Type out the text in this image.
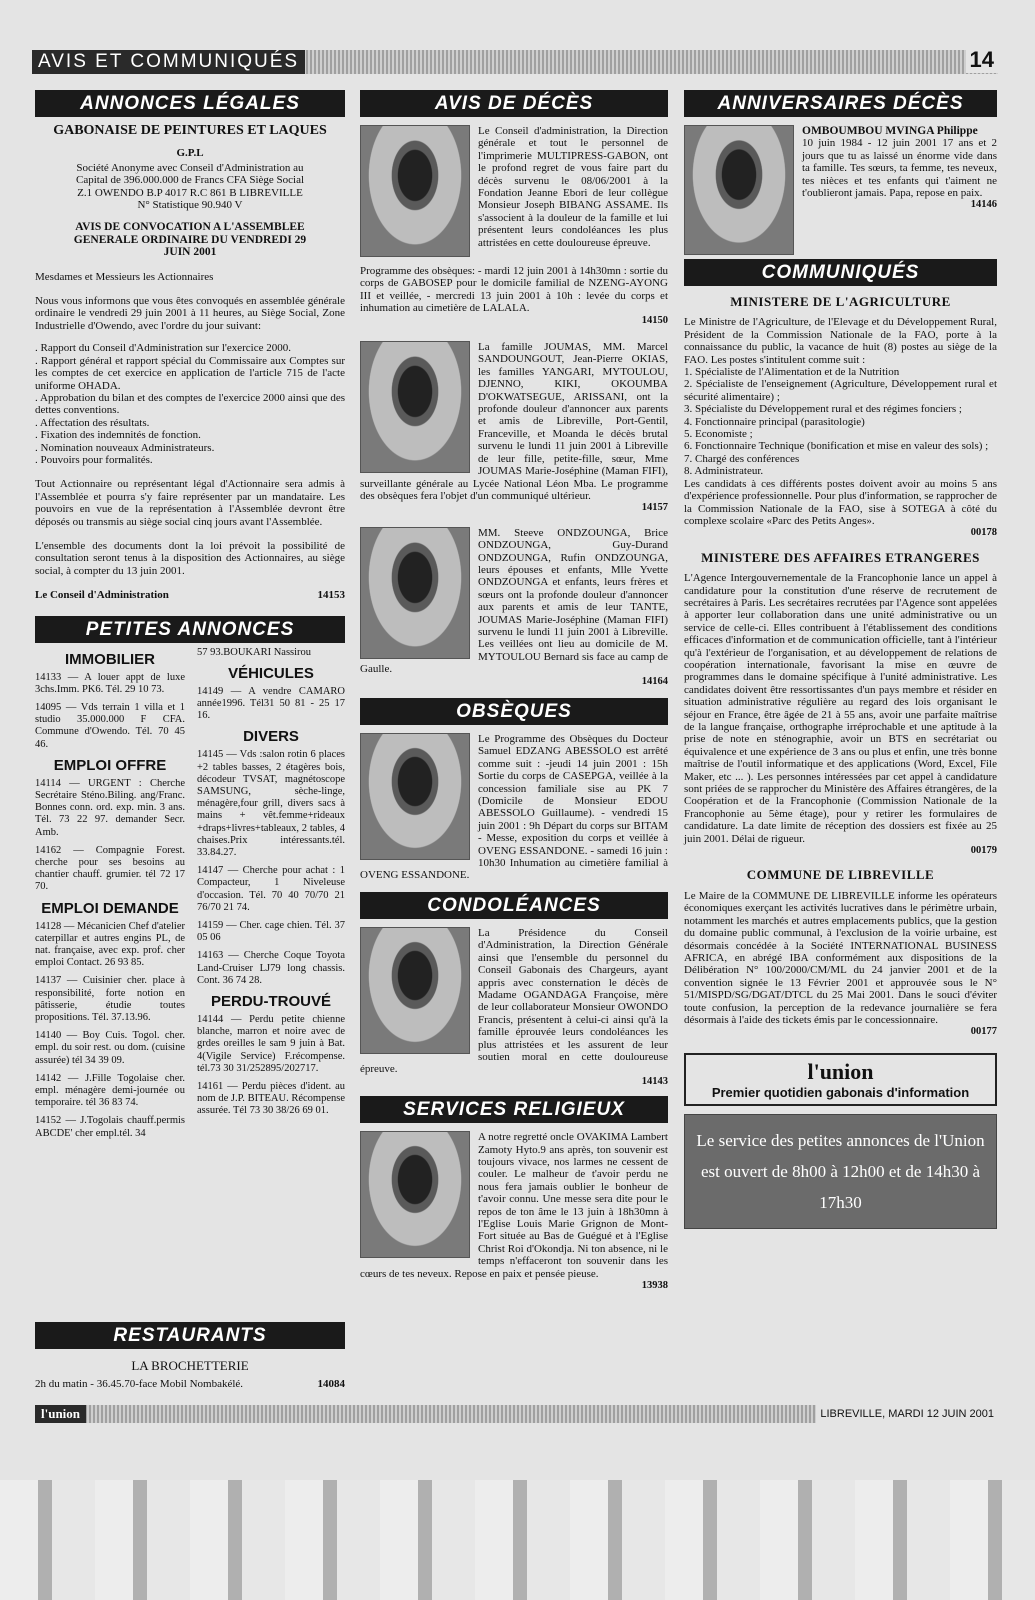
AVIS ET COMMUNIQUÉS	14
ANNONCES LÉGALES

GABONAISE DE PEINTURES ET LAQUES

G.P.L

Société Anonyme avec Conseil d'Administration au Capital de 396.000.000 de Francs CFA Siège Social Z.1 OWENDO B.P 4017 R.C 861 B LIBREVILLE N° Statistique 90.940 V

AVIS DE CONVOCATION A L'ASSEMBLEE GENERALE ORDINAIRE DU VENDREDI 29 JUIN 2001

Mesdames et Messieurs les Actionnaires

Nous vous informons que vous êtes convoqués en assemblée générale ordinaire le vendredi 29 juin 2001 à 11 heures, au Siège Social, Zone Industrielle d'Owendo, avec l'ordre du jour suivant:

. Rapport du Conseil d'Administration sur l'exercice 2000.

. Rapport général et rapport spécial du Commissaire aux Comptes sur les comptes de cet exercice en application de l'article 715 de l'acte uniforme OHADA.

. Approbation du bilan et des comptes de l'exercice 2000 ainsi que des dettes conventions.

. Affectation des résultats.

. Fixation des indemnités de fonction.

. Nomination nouveaux Administrateurs.

. Pouvoirs pour formalités.

Tout Actionnaire ou représentant légal d'Actionnaire sera admis à l'Assemblée et pourra s'y faire représenter par un mandataire. Les pouvoirs en vue de la représentation à l'Assemblée devront être déposés ou transmis au siège social cinq jours avant l'Assemblée.

L'ensemble des documents dont la loi prévoit la possibilité de consultation seront tenus à la disposition des Actionnaires, au siège social, à compter du 13 juin 2001.

Le Conseil d'Administration	14153

PETITES ANNONCES
IMMOBILIER

14133 — A louer appt de luxe 3chs.Imm. PK6. Tél. 29 10 73.

14095 — Vds terrain 1 villa et 1 studio 35.000.000 F CFA. Commune d'Owendo. Tél. 70 45 46.

EMPLOI OFFRE

14114 — URGENT : Cherche Secrétaire Sténo.Biling. ang/Franc. Bonnes conn. ord. exp. min. 3 ans. Tél. 73 22 97. demander Secr. Amb.

14162 — Compagnie Forest. cherche pour ses besoins au chantier chauff. grumier. tél 72 17 70.

EMPLOI DEMANDE

14128 — Mécanicien Chef d'atelier caterpillar et autres engins PL, de nat. française, avec exp. prof. cher emploi Contact. 26 93 85.

14137 — Cuisinier cher. place à responsibilité, forte notion en pâtisserie, étudie toutes propositions. Tél. 37.13.96.

14140 — Boy Cuis. Togol. cher. empl. du soir rest. ou dom. (cuisine assurée) tél 34 39 09.

14142 — J.Fille Togolaise cher. empl. ménagère demi-journée ou temporaire. tél 36 83 74.

14152 — J.Togolais chauff.permis ABCDE' cher empl.tél. 34

57 93.BOUKARI Nassirou

VÉHICULES

14149 — A vendre CAMARO année1996. Tél31 50 81 - 25 17 16.

DIVERS

14145 — Vds :salon rotin 6 places +2 tables basses, 2 étagères bois, décodeur TVSAT, magnétoscope SAMSUNG, sèche-linge, ménagère,four grill, divers sacs à mains + vêt.femme+rideaux +draps+livres+tableaux, 2 tables, 4 chaises.Prix intéressants.tél. 33.84.27.

14147 — Cherche pour achat : 1 Compacteur, 1 Niveleuse d'occasion. Tél. 70 40 70/70 21 76/70 21 74.

14159 — Cher. cage chien. Tél. 37 05 06

14163 — Cherche Coque Toyota Land-Cruiser LJ79 long chassis. Cont. 36 74 28.

PERDU-TROUVÉ

14144 — Perdu petite chienne blanche, marron et noire avec de grdes oreilles le sam 9 juin à Bat. 4(Vigile Service) F.récompense. tél.73 30 31/252895/202717.

14161 — Perdu pièces d'ident. au nom de J.P. BITEAU. Récompense assurée. Tél 73 30 38/26 69 01.

RESTAURANTS

LA BROCHETTERIE

2h du matin - 36.45.70-face Mobil Nombakélé.	14084

AVIS DE DÉCÈS

Le Conseil d'administration, la Direction générale et tout le personnel de l'imprimerie MULTIPRESS-GABON, ont le profond regret de vous faire part du décès survenu le 08/06/2001 à la Fondation Jeanne Ebori de leur collègue Monsieur Joseph BIBANG ASSAME. Ils s'associent à la douleur de la famille et lui présentent leurs condoléances les plus attristées en cette douloureuse épreuve.

Programme des obsèques: - mardi 12 juin 2001 à 14h30mn : sortie du corps de GABOSEP pour le domicile familial de NZENG-AYONG III et veillée, - mercredi 13 juin 2001 à 10h : levée du corps et inhumation au cimetière de LALALA.

14150

La famille JOUMAS, MM. Marcel SANDOUNGOUT, Jean-Pierre OKIAS, les familles YANGARI, MYTOULOU, DJENNO, KIKI, OKOUMBA D'OKWATSEGUE, ARISSANI, ont la profonde douleur d'annoncer aux parents et amis de Libreville, Port-Gentil, Franceville, et Moanda le décès brutal survenu le lundi 11 juin 2001 à Libreville de leur fille, petite-fille, sœur, Mme JOUMAS Marie-Joséphine (Maman FIFI), surveillante générale au Lycée National Léon Mba. Le programme des obsèques fera l'objet d'un communiqué ultérieur.

14157

MM. Steeve ONDZOUNGA, Brice ONDZOUNGA, Guy-Durand ONDZOUNGA, Rufin ONDZOUNGA, leurs épouses et enfants, Mlle Yvette ONDZOUNGA et enfants, leurs frères et sœurs ont la profonde douleur d'annoncer aux parents et amis de leur TANTE, JOUMAS Marie-Joséphine (Maman FIFI) survenu le lundi 11 juin 2001 à Libreville. Les veillées ont lieu au domicile de M. MYTOULOU Bernard sis face au camp de Gaulle.

14164

OBSÈQUES

Le Programme des Obsèques du Docteur Samuel EDZANG ABESSOLO est arrêté comme suit : -jeudi 14 juin 2001 : 15h Sortie du corps de CASEPGA, veillée à la concession familiale sise au PK 7 (Domicile de Monsieur EDOU ABESSOLO Guillaume). - vendredi 15 juin 2001 : 9h Départ du corps sur BITAM - Messe, exposition du corps et veillée à OVENG ESSANDONE. - samedi 16 juin : 10h30 Inhumation au cimetière familial à OVENG ESSANDONE.

CONDOLÉANCES

La Présidence du Conseil d'Administration, la Direction Générale ainsi que l'ensemble du personnel du Conseil Gabonais des Chargeurs, ayant appris avec consternation le décès de Madame OGANDAGA Françoise, mère de leur collaborateur Monsieur OWONDO Francis, présentent à celui-ci ainsi qu'à la famille éprouvée leurs condoléances les plus attristées et les assurent de leur soutien moral en cette douloureuse épreuve.

14143

SERVICES RELIGIEUX

A notre regretté oncle OVAKIMA Lambert Zamoty Hyto.9 ans après, ton souvenir est toujours vivace, nos larmes ne cessent de couler. Le malheur de t'avoir perdu ne nous fera jamais oublier le bonheur de t'avoir connu. Une messe sera dite pour le repos de ton âme le 13 juin à 18h30mn à l'Eglise Louis Marie Grignon de Mont-Fort située au Bas de Guégué et à l'Eglise Christ Roi d'Okondja. Ni ton absence, ni le temps n'effaceront ton souvenir dans les cœurs de tes neveux. Repose en paix et pensée pieuse.

13938

ANNIVERSAIRES DÉCÈS

OMBOUMBOU MVINGA Philippe

10 juin 1984 - 12 juin 2001 17 ans et 2 jours que tu as laissé un énorme vide dans ta famille. Tes sœurs, ta femme, tes neveux, tes nièces et tes enfants qui t'aiment ne t'oublieront jamais. Papa, repose en paix.

14146

COMMUNIQUÉS

MINISTERE DE L'AGRICULTURE

Le Ministre de l'Agriculture, de l'Elevage et du Développement Rural, Président de la Commission Nationale de la FAO, porte à la connaissance du public, la vacance de huit (8) postes au siège de la FAO. Les postes s'intitulent comme suit :

1. Spécialiste de l'Alimentation et de la Nutrition

2. Spécialiste de l'enseignement (Agriculture, Développement rural et sécurité alimentaire) ;

3. Spécialiste du Développement rural et des régimes fonciers ;

4. Fonctionnaire principal (parasitologie)

5. Economiste ;

6. Fonctionnaire Technique (bonification et mise en valeur des sols) ;

7. Chargé des conférences

8. Administrateur.

Les candidats à ces différents postes doivent avoir au moins 5 ans d'expérience professionnelle. Pour plus d'information, se rapprocher de la Commission Nationale de la FAO, sise à SOTEGA à côté du complexe scolaire «Parc des Petits Anges».

00178

MINISTERE DES AFFAIRES ETRANGERES

L'Agence Intergouvernementale de la Francophonie lance un appel à candidature pour la constitution d'une réserve de recrutement de secrétaires à Paris. Les secrétaires recrutées par l'Agence sont appelées à apporter leur collaboration dans une unité administrative ou un service de celle-ci. Elles contribuent à l'établissement des conditions efficaces d'information et de communication officielle, tant à l'intérieur qu'à l'extérieur de l'organisation, et au développement de relations de coopération internationale, favorisant la mise en œuvre de programmes dans le domaine spécifique à l'unité administrative. Les candidates doivent être ressortissantes d'un pays membre et résider en situation administrative régulière au regard des lois organisant le séjour en France, être âgée de 21 à 55 ans, avoir une parfaite maîtrise de la langue française, orthographe irréprochable et une aptitude à la prise de note en sténographie, avoir un BTS en secrétariat ou équivalence et une expérience de 3 ans ou plus et enfin, une très bonne maîtrise de l'outil informatique et des applications (Word, Excel, File Maker, etc ... ). Les personnes intéressées par cet appel à candidature sont priées de se rapprocher du Ministère des Affaires étrangères, de la Coopération et de la Francophonie (Commission Nationale de la Francophonie au 5ème étage), pour y retirer les formulaires de candidature. La date limite de réception des dossiers est fixée au 25 juin 2001. Délai de rigueur.

00179

COMMUNE DE LIBREVILLE

Le Maire de la COMMUNE DE LIBREVILLE informe les opérateurs économiques exerçant les activités lucratives dans le périmètre urbain, notamment les marchés et autres emplacements publics, que la gestion du domaine public communal, à l'exclusion de la voirie urbaine, est désormais concédée à la Société INTERNATIONAL BUSINESS AFRICA, en abrégé IBA conformément aux dispositions de la Délibération N° 100/2000/CM/ML du 24 janvier 2001 et de la convention signée le 13 Février 2001 et approuvée sous le N° 51/MISPD/SG/DGAT/DTCL du 25 Mai 2001. Dans le souci d'éviter toute confusion, la perception de la redevance journalière se fera désormais à l'aide des tickets émis par le concessionnaire.

00177

l'union
Premier quotidien gabonais d'information
Le service des petites annonces de l'Union est ouvert de 8h00 à 12h00 et de 14h30 à 17h30
l'union	LIBREVILLE, MARDI 12 JUIN 2001
